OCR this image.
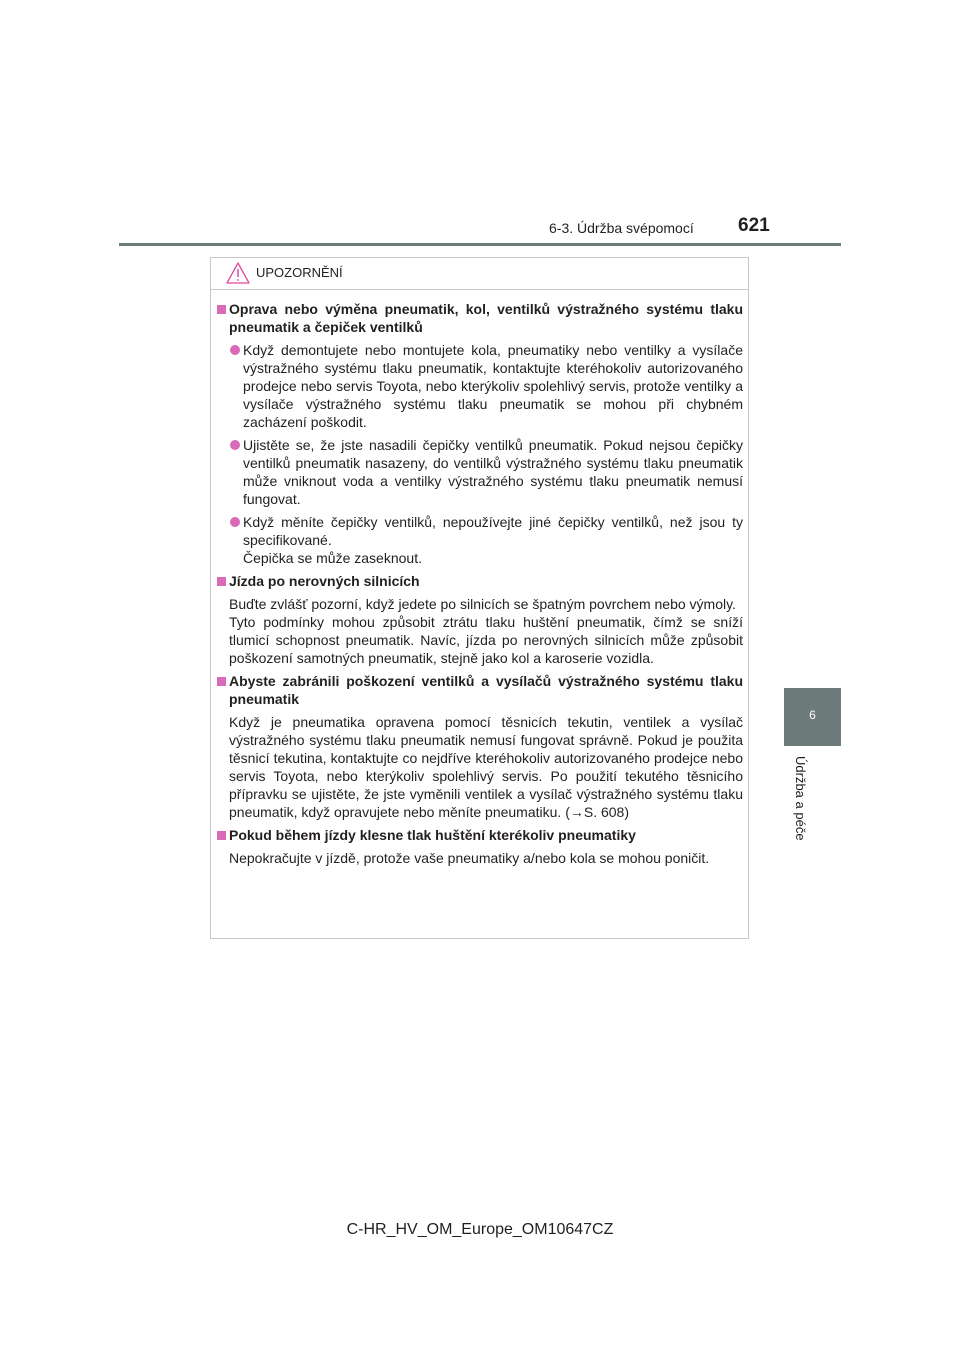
6-3. Údržba svépomocí 621
6
Údržba a péče
UPOZORNĚNÍ

Oprava nebo výměna pneumatik, kol, ventilků výstražného systému tlaku pneumatik a čepiček ventilků

Když demontujete nebo montujete kola, pneumatiky nebo ventilky a vysílače výstražného systému tlaku pneumatik, kontaktujte kteréhokoliv autorizovaného prodejce nebo servis Toyota, nebo kterýkoliv spolehlivý servis, protože ventilky a vysílače výstražného systému tlaku pneumatik se mohou při chybném zacházení poškodit.
Ujistěte se, že jste nasadili čepičky ventilků pneumatik. Pokud nejsou čepičky ventilků pneumatik nasazeny, do ventilků výstražného systému tlaku pneumatik může vniknout voda a ventilky výstražného systému tlaku pneumatik nemusí fungovat.
Když měníte čepičky ventilků, nepoužívejte jiné čepičky ventilků, než jsou ty specifikované.
Čepička se může zaseknout.

Jízda po nerovných silnicích

Buďte zvlášť pozorní, když jedete po silnicích se špatným povrchem nebo výmoly.
Tyto podmínky mohou způsobit ztrátu tlaku huštění pneumatik, čímž se sníží tlumicí schopnost pneumatik. Navíc, jízda po nerovných silnicích může způsobit poškození samotných pneumatik, stejně jako kol a karoserie vozidla.

Abyste zabránili poškození ventilků a vysílačů výstražného systému tlaku pneumatik

Když je pneumatika opravena pomocí těsnicích tekutin, ventilek a vysílač výstražného systému tlaku pneumatik nemusí fungovat správně. Pokud je použita těsnicí tekutina, kontaktujte co nejdříve kteréhokoliv autorizovaného prodejce nebo servis Toyota, nebo kterýkoliv spolehlivý servis. Po použití tekutého těsnicího přípravku se ujistěte, že jste vyměnili ventilek a vysílač výstražného systému tlaku pneumatik, když opravujete nebo měníte pneumatiku. (→S. 608)

Pokud během jízdy klesne tlak huštění kterékoliv pneumatiky

Nepokračujte v jízdě, protože vaše pneumatiky a/nebo kola se mohou poničit.

C-HR_HV_OM_Europe_OM10647CZ
